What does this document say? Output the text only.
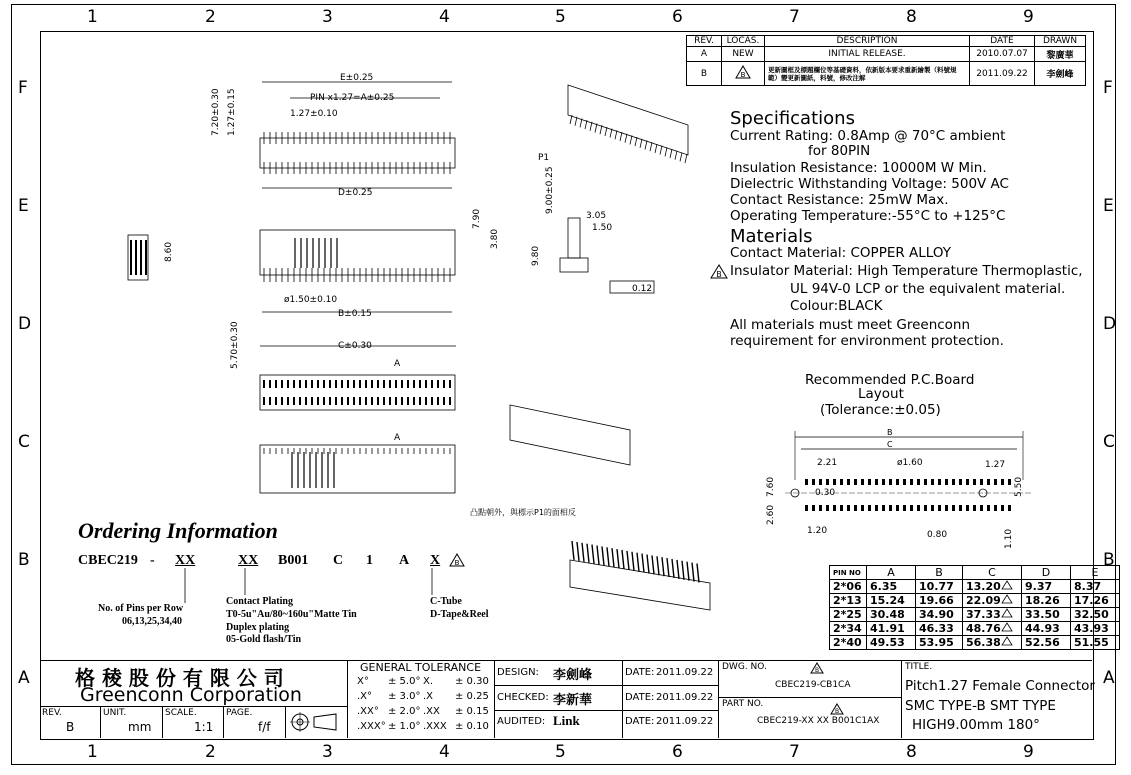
REV.	LOCAS.	DESCRIPTION	DATE	DRAWN
A	NEW	INITIAL RELEASE.	2010.07.07	黎廣華
B	B	更新圖框及標題欄位等基礎資料，依新版本要求重新繪製（料號規範）變更新圖紙，料號，修改注解	2011.09.22	李劍峰
Specifications
Current Rating: 0.8Amp @ 70°C ambient
for 80PIN
Insulation Resistance: 10000M W Min.
Dielectric Withstanding Voltage: 500V AC
Contact Resistance: 25mW Max.
Operating Temperature:-55°C to +125°C
Materials
Contact Material: COPPER ALLOY
B Insulator Material: High Temperature Thermoplastic,
UL 94V-0 LCP or the equivalent material.
Colour:BLACK
All materials must meet Greenconn
requirement for environment protection.
Recommended P.C.Board
Layout
(Tolerance:±0.05)
B
C
2.21	ø1.60	1.27
0.30
7.60	5.50
2.60
1.20	0.80	1.10
PIN NO	A	B	C	D	E
2*06	6.35	10.77	13.20	9.37	8.37
2*13	15.24	19.66	22.09	18.26	17.26
2*25	30.48	34.90	37.33	33.50	32.50
2*34	41.91	46.33	48.76	44.93	43.93
2*40	49.53	53.95	56.38	52.56	51.55
Ordering Information
CBEC219 - XX	XX B001 C 1 A X B
No. of Pins per Row
06,13,25,34,40
Contact Plating
T0-5u"Au/80~160u"Matte Tin
Duplex plating
05-Gold flash/Tin
C-Tube
D-Tape&Reel
E±0.25
PIN x1.27=A±0.25
1.27±0.10
D±0.25
7.20±0.30 1.27±0.15
8.60
7.90
3.80
ø1.50±0.10
B±0.15
C±0.30
A
5.70±0.30
A
9.00±0.25
3.05
1.50
9.80
0.12
P1
凸點朝外，與標示P1的面相反
格 稜 股 份 有 限 公 司
Greenconn Corporation
REV.
B
UNIT.
mm
SCALE.
1:1
PAGE.
f/f
GENERAL TOLERANCE
X° ± 5.0° X. ± 0.30
.X° ± 3.0° .X ± 0.25
.XX° ± 2.0° .XX ± 0.15
.XXX° ± 1.0° .XXX ± 0.10
DESIGN: 李劍峰
CHECKED: 李新華
AUDITED: Link
DATE: 2011.09.22
DATE: 2011.09.22
DATE: 2011.09.22
DWG. NO.	B
CBEC219-CB1CA
PART NO.
B
CBEC219-XX XX B001C1AX
TITLE.
Pitch1.27 Female Connector
SMC TYPE-B SMT TYPE
HIGH9.00mm 180°
1
1
2
2
3
3
4
4
5
5
6
6
7
7
8
8
9
9
F	F
E	E
D	D
C	C
B	B
A	A
